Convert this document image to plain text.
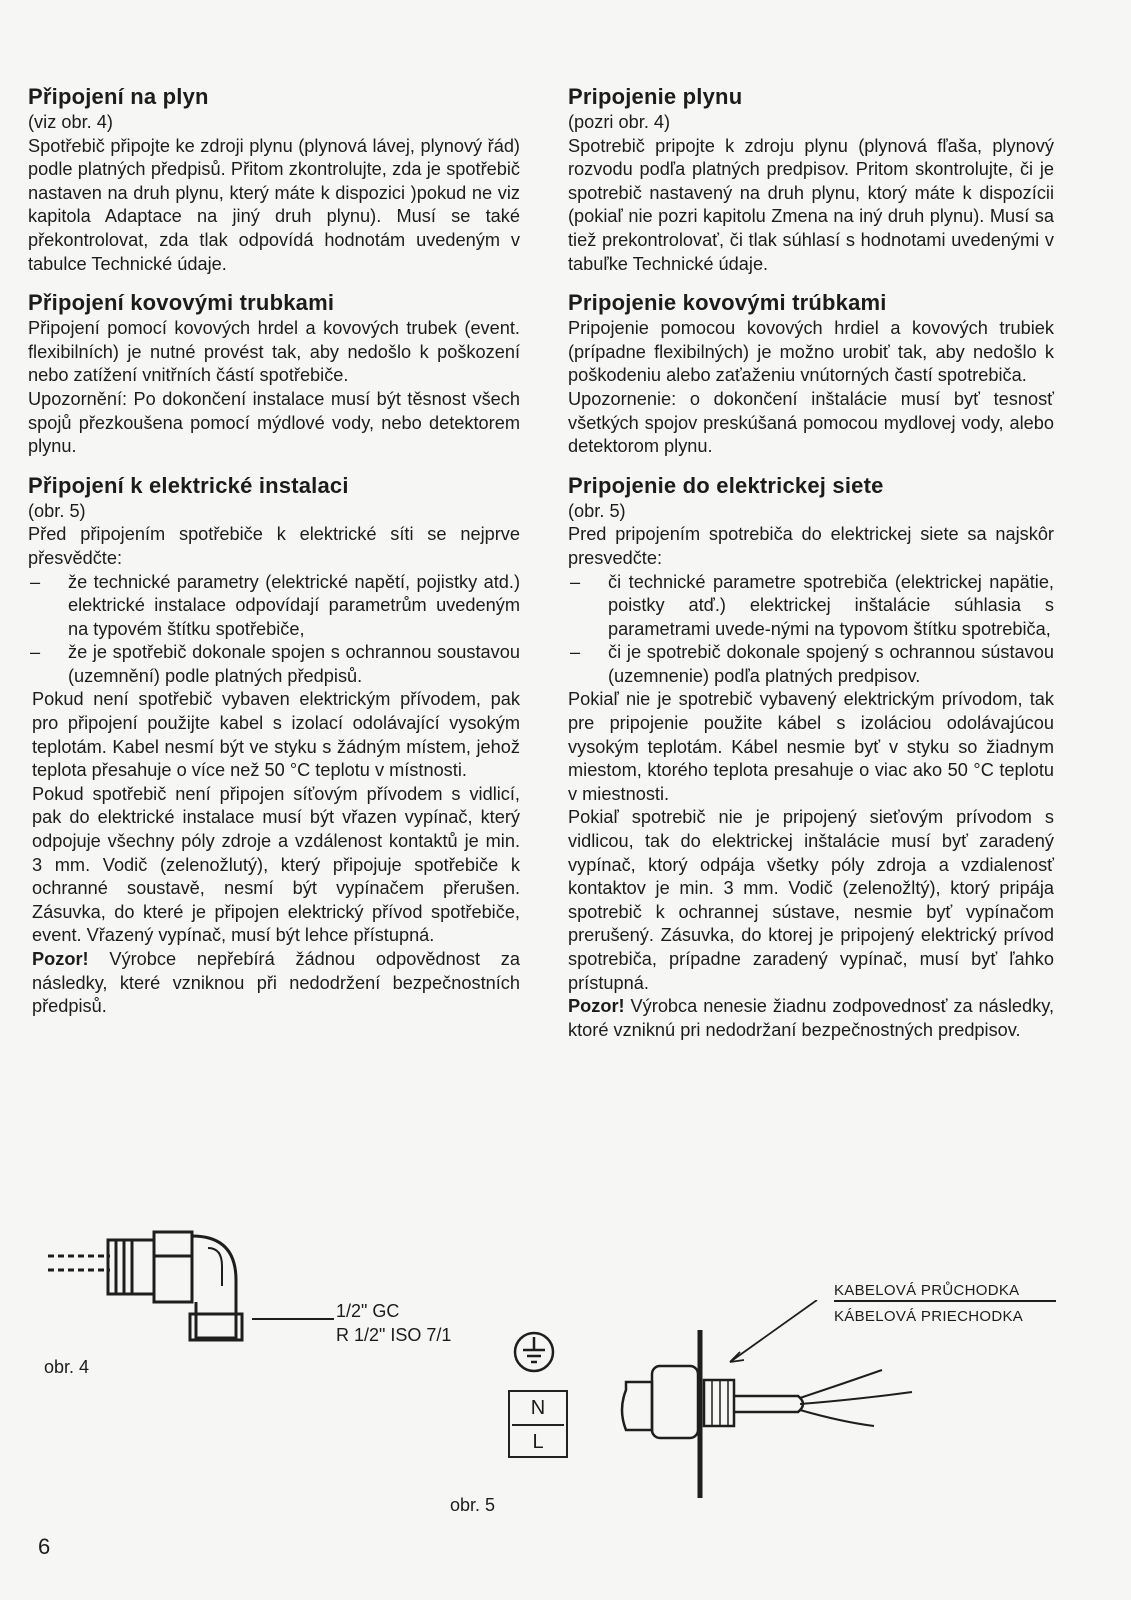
Připojení na plyn

(viz obr. 4)

Spotřebič připojte ke zdroji plynu (plynová lávej, plynový řád) podle platných předpisů. Přitom zkontrolujte, zda je spotřebič nastaven na druh plynu, který máte k dispozici )pokud ne viz kapitola Adaptace na jiný druh plynu). Musí se také překontrolovat, zda tlak odpovídá hodnotám uvedeným v tabulce Technické údaje.

Připojení kovovými trubkami

Připojení pomocí kovových hrdel a kovových trubek (event. flexibilních) je nutné provést tak, aby nedošlo k poškození nebo zatížení vnitřních částí spotřebiče.

Upozornění: Po dokončení instalace musí být těsnost všech spojů přezkoušena pomocí mýdlové vody, nebo detektorem plynu.

Připojení k elektrické instalaci

(obr. 5)

Před připojením spotřebiče k elektrické síti se nejprve přesvědčte:

– že technické parametry (elektrické napětí, pojistky atd.) elektrické instalace odpovídají parametrům uvedeným na typovém štítku spotřebiče,
– že je spotřebič dokonale spojen s ochrannou soustavou (uzemnění) podle platných předpisů.

Pokud není spotřebič vybaven elektrickým přívodem, pak pro připojení použijte kabel s izolací odolávající vysokým teplotám. Kabel nesmí být ve styku s žádným místem, jehož teplota přesahuje o více než 50 °C teplotu v místnosti.

Pokud spotřebič není připojen síťovým přívodem s vidlicí, pak do elektrické instalace musí být vřazen vypínač, který odpojuje všechny póly zdroje a vzdálenost kontaktů je min. 3 mm. Vodič (zelenožlutý), který připojuje spotřebiče k ochranné soustavě, nesmí být vypínačem přerušen. Zásuvka, do které je připojen elektrický přívod spotřebiče, event. Vřazený vypínač, musí být lehce přístupná.

Pozor! Výrobce nepřebírá žádnou odpovědnost za následky, které vzniknou při nedodržení bezpečnostních předpisů.

Pripojenie plynu

(pozri obr. 4)

Spotrebič pripojte k zdroju plynu (plynová fľaša, plynový rozvodu podľa platných predpisov. Pritom skontrolujte, či je spotrebič nastavený na druh plynu, ktorý máte k dispozícii (pokiaľ nie pozri kapitolu Zmena na iný druh plynu). Musí sa tiež prekontrolovať, či tlak súhlasí s hodnotami uvedenými v tabuľke Technické údaje.

Pripojenie kovovými trúbkami

Pripojenie pomocou kovových hrdiel a kovových trubiek (prípadne flexibilných) je možno urobiť tak, aby nedošlo k poškodeniu alebo zaťaženiu vnútorných častí spotrebiča.

Upozornenie: o dokončení inštalácie musí byť tesnosť všetkých spojov preskúšaná pomocou mydlovej vody, alebo detektorom plynu.

Pripojenie do elektrickej siete

(obr. 5)

Pred pripojením spotrebiča do elektrickej siete sa najskôr presvedčte:

– či technické parametre spotrebiča (elektrickej napätie, poistky atď.) elektrickej inštalácie súhlasia s parametrami uvede-nými na typovom štítku spotrebiča,
– či je spotrebič dokonale spojený s ochrannou sústavou (uzemnenie) podľa platných predpisov.

Pokiaľ nie je spotrebič vybavený elektrickým prívodom, tak pre pripojenie použite kábel s izoláciou odolávajúcou vysokým teplotám. Kábel nesmie byť v styku so žiadnym miestom, ktorého teplota presahuje o viac ako 50 °C teplotu v miestnosti.

Pokiaľ spotrebič nie je pripojený sieťovým prívodom s vidlicou, tak do elektrickej inštalácie musí byť zaradený vypínač, ktorý odpája všetky póly zdroja a vzdialenosť kontaktov je min. 3 mm. Vodič (zelenožltý), ktorý pripája spotrebič k ochrannej sústave, nesmie byť vypínačom prerušený. Zásuvka, do ktorej je pripojený elektrický prívod spotrebiča, prípadne zaradený vypínač, musí byť ľahko prístupná.

Pozor! Výrobca nenesie žiadnu zodpovednosť za následky, ktoré vzniknú pri nedodržaní bezpečnostných predpisov.

obr. 4
1/2" GC
R 1/2" ISO 7/1
N
L
obr. 5
KABELOVÁ PRŮCHODKA
KÁBELOVÁ PRIECHODKA
6
